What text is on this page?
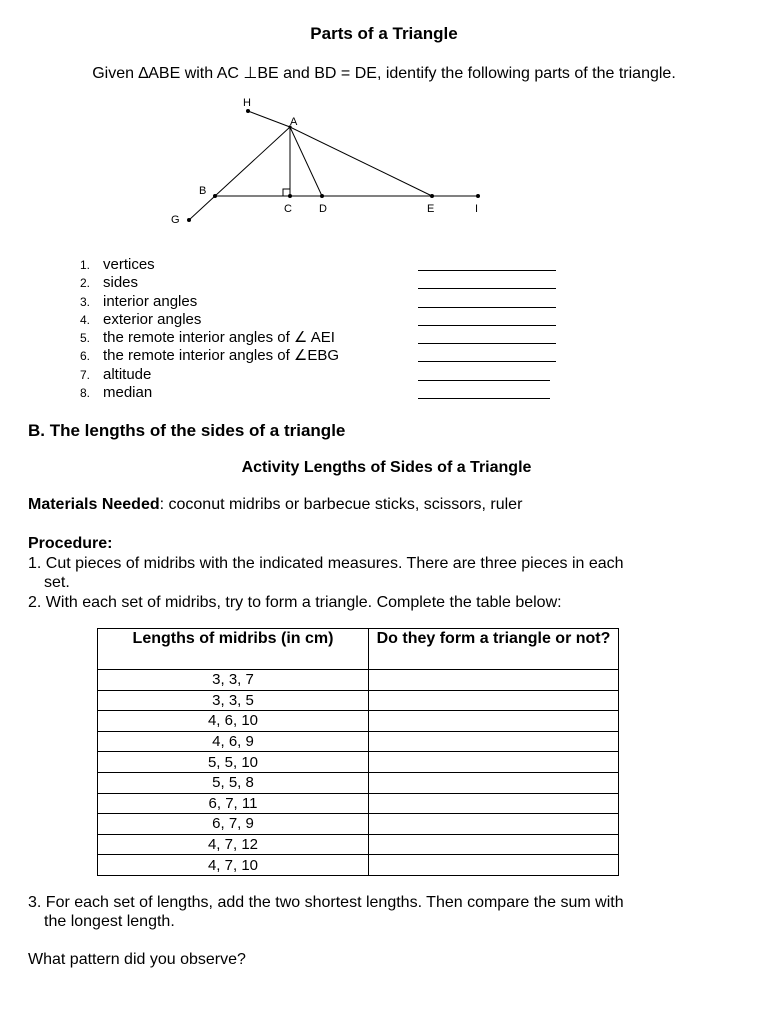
Parts of a Triangle
Given ∆ABE with AC ⊥BE and BD = DE, identify the following parts of the triangle.
H
A
B
C D	E	I
G
1. vertices
2. sides
3. interior angles
4. exterior angles
5. the remote interior angles of ∠ AEI
6. the remote interior angles of ∠EBG
7. altitude
8. median
B. The lengths of the sides of a triangle
Activity Lengths of Sides of a Triangle
Materials Needed: coconut midribs or barbecue sticks, scissors, ruler
Procedure:
1. Cut pieces of midribs with the indicated measures. There are three pieces in each
set.
2. With each set of midribs, try to form a triangle. Complete the table below:
Lengths of midribs (in cm)	Do they form a triangle or not?
3, 3, 7	
3, 3, 5	
4, 6, 10	
4, 6, 9	
5, 5, 10	
5, 5, 8	
6, 7, 11	
6, 7, 9	
4, 7, 12	
4, 7, 10	
3. For each set of lengths, add the two shortest lengths. Then compare the sum with
the longest length.
What pattern did you observe?
